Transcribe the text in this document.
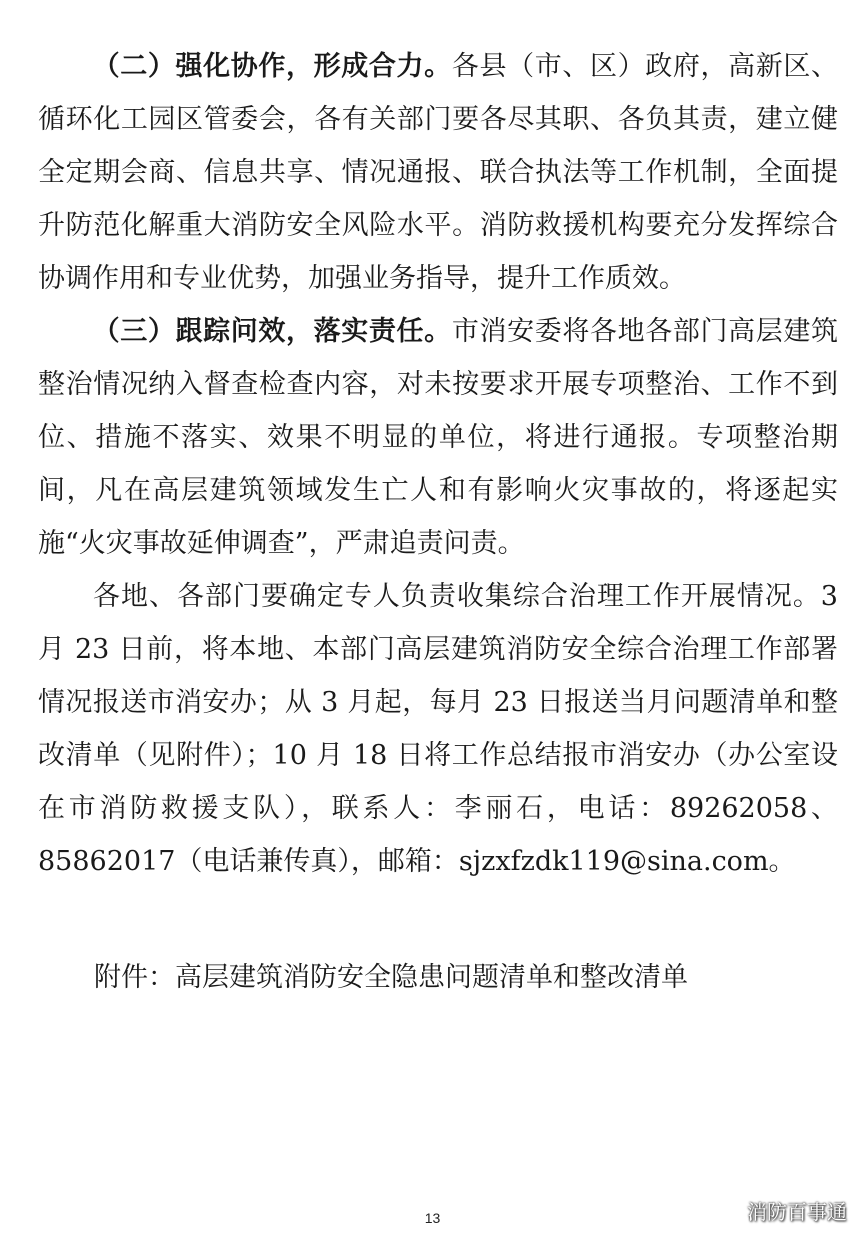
（二）强化协作，形成合力。各县（市、区）政府，高新区、循环化工园区管委会，各有关部门要各尽其职、各负其责，建立健全定期会商、信息共享、情况通报、联合执法等工作机制，全面提升防范化解重大消防安全风险水平。消防救援机构要充分发挥综合协调作用和专业优势，加强业务指导，提升工作质效。

（三）跟踪问效，落实责任。市消安委将各地各部门高层建筑整治情况纳入督查检查内容，对未按要求开展专项整治、工作不到位、措施不落实、效果不明显的单位，将进行通报。专项整治期间，凡在高层建筑领域发生亡人和有影响火灾事故的，将逐起实施“火灾事故延伸调查”，严肃追责问责。

各地、各部门要确定专人负责收集综合治理工作开展情况。3 月 23 日前，将本地、本部门高层建筑消防安全综合治理工作部署情况报送市消安办；从 3 月起，每月 23 日报送当月问题清单和整改清单（见附件）；10 月 18 日将工作总结报市消安办（办公室设在市消防救援支队），联系人：李丽石，电话：89262058、85862017（电话兼传真），邮箱：sjzxfzdk119@sina.com。

附件：高层建筑消防安全隐患问题清单和整改清单

13	消防百事通
